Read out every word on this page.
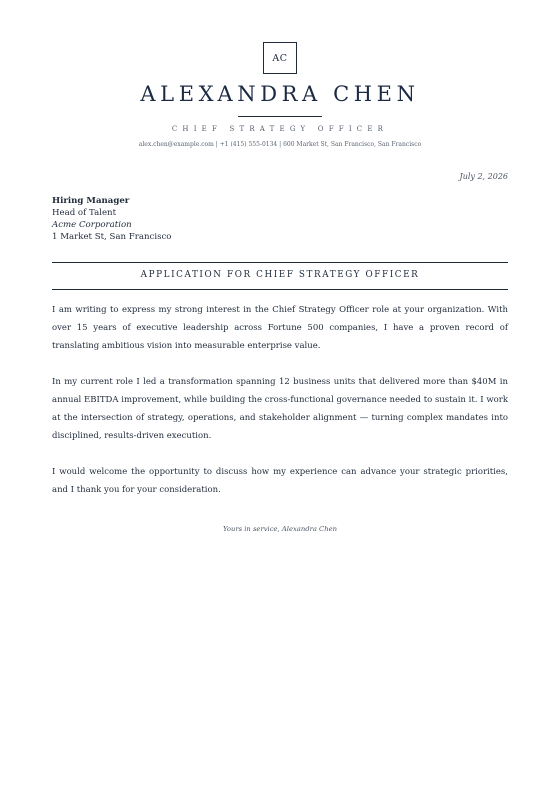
AC
ALEXANDRA CHEN
CHIEF STRATEGY OFFICER
alex.chen@example.com | +1 (415) 555-0134 | 600 Market St, San Francisco, San Francisco
July 2, 2026
Hiring Manager
Head of Talent
Acme Corporation
1 Market St, San Francisco
APPLICATION FOR CHIEF STRATEGY OFFICER

I am writing to express my strong interest in the Chief Strategy Officer role at your organization. With over 15 years of executive leadership across Fortune 500 companies, I have a proven record of translating ambitious vision into measurable enterprise value.

In my current role I led a transformation spanning 12 business units that delivered more than $40M in annual EBITDA improvement, while building the cross-functional governance needed to sustain it. I work at the intersection of strategy, operations, and stakeholder alignment — turning complex mandates into disciplined, results-driven execution.

I would welcome the opportunity to discuss how my experience can advance your strategic priorities, and I thank you for your consideration.

Yours in service, Alexandra Chen
